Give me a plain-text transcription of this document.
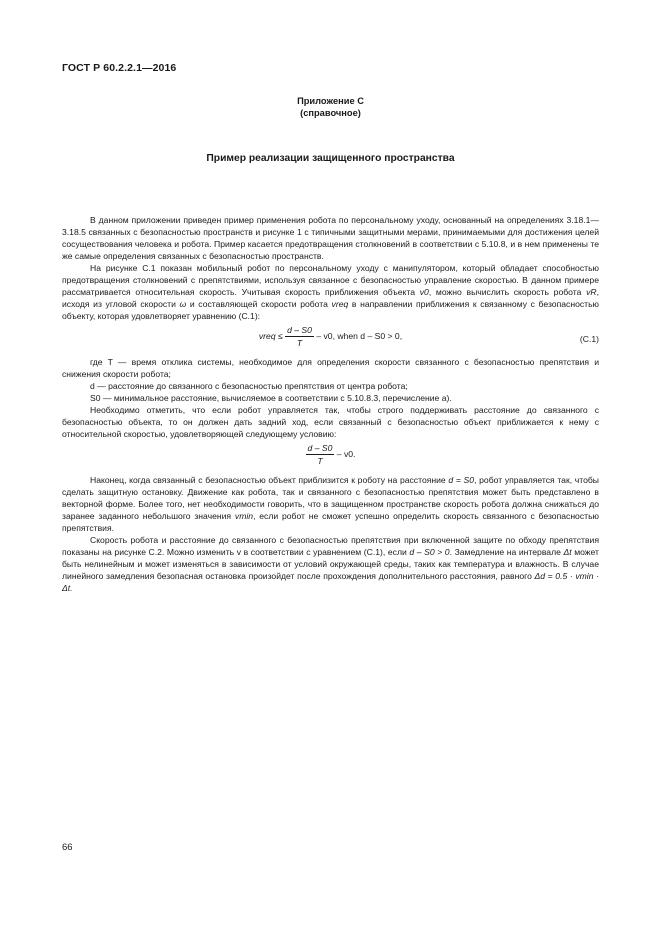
ГОСТ Р 60.2.2.1—2016
Приложение С
(справочное)
Пример реализации защищенного пространства

В данном приложении приведен пример применения робота по персональному уходу, основанный на определениях 3.18.1—3.18.5 связанных с безопасностью пространств и рисунке 1 с типичными защитными мерами, принимаемыми для достижения целей сосуществования человека и робота. Пример касается предотвращения столкновений в соответствии с 5.10.8, и в нем применены те же самые определения связанных с безопасностью пространств.

На рисунке С.1 показан мобильный робот по персональному уходу с манипулятором, который обладает способностью предотвращения столкновений с препятствиями, используя связанное с безопасностью управление скоростью. В данном примере рассматривается относительная скорость. Учитывая скорость приближения объекта v0, можно вычислить скорость робота vR, исходя из угловой скорости ω и составляющей скорости робота vreq в направлении приближения к связанному с безопасностью объекту, которая удовлетворяет уравнению (С.1):

vreq ≤ $\frac{d - S0}{T} - v0$, when d – S0 > 0,	(С.1)

где T — время отклика системы, необходимое для определения скорости связанного с безопасностью препятствия и снижения скорости робота;

d — расстояние до связанного с безопасностью препятствия от центра робота;

S0 — минимальное расстояние, вычисляемое в соответствии с 5.10.8.3, перечисление а).

Необходимо отметить, что если робот управляется так, чтобы строго поддерживать расстояние до связанного с безопасностью объекта, то он должен дать задний ход, если связанный с безопасностью объект приближается к нему с относительной скоростью, удовлетворяющей следующему условию:

$\frac{d - S0}{T} - v0$.

Наконец, когда связанный с безопасностью объект приблизится к роботу на расстояние d = S0, робот управляется так, чтобы сделать защитную остановку. Движение как робота, так и связанного с безопасностью препятствия может быть представлено в векторной форме. Более того, нет необходимости говорить, что в защищенном пространстве скорость робота должна снижаться до заранее заданного небольшого значения vmin, если робот не сможет успешно определить скорость связанного с безопасностью препятствия.

Скорость робота и расстояние до связанного с безопасностью препятствия при включенной защите по обходу препятствия показаны на рисунке С.2. Можно изменить v в соответствии с уравнением (С.1), если d – S0 > 0. Замедление на интервале Δt может быть нелинейным и может изменяться в зависимости от условий окружающей среды, таких как температура и влажность. В случае линейного замедления безопасная остановка произойдет после прохождения дополнительного расстояния, равного Δd = 0.5 · vmin · Δt.

66
